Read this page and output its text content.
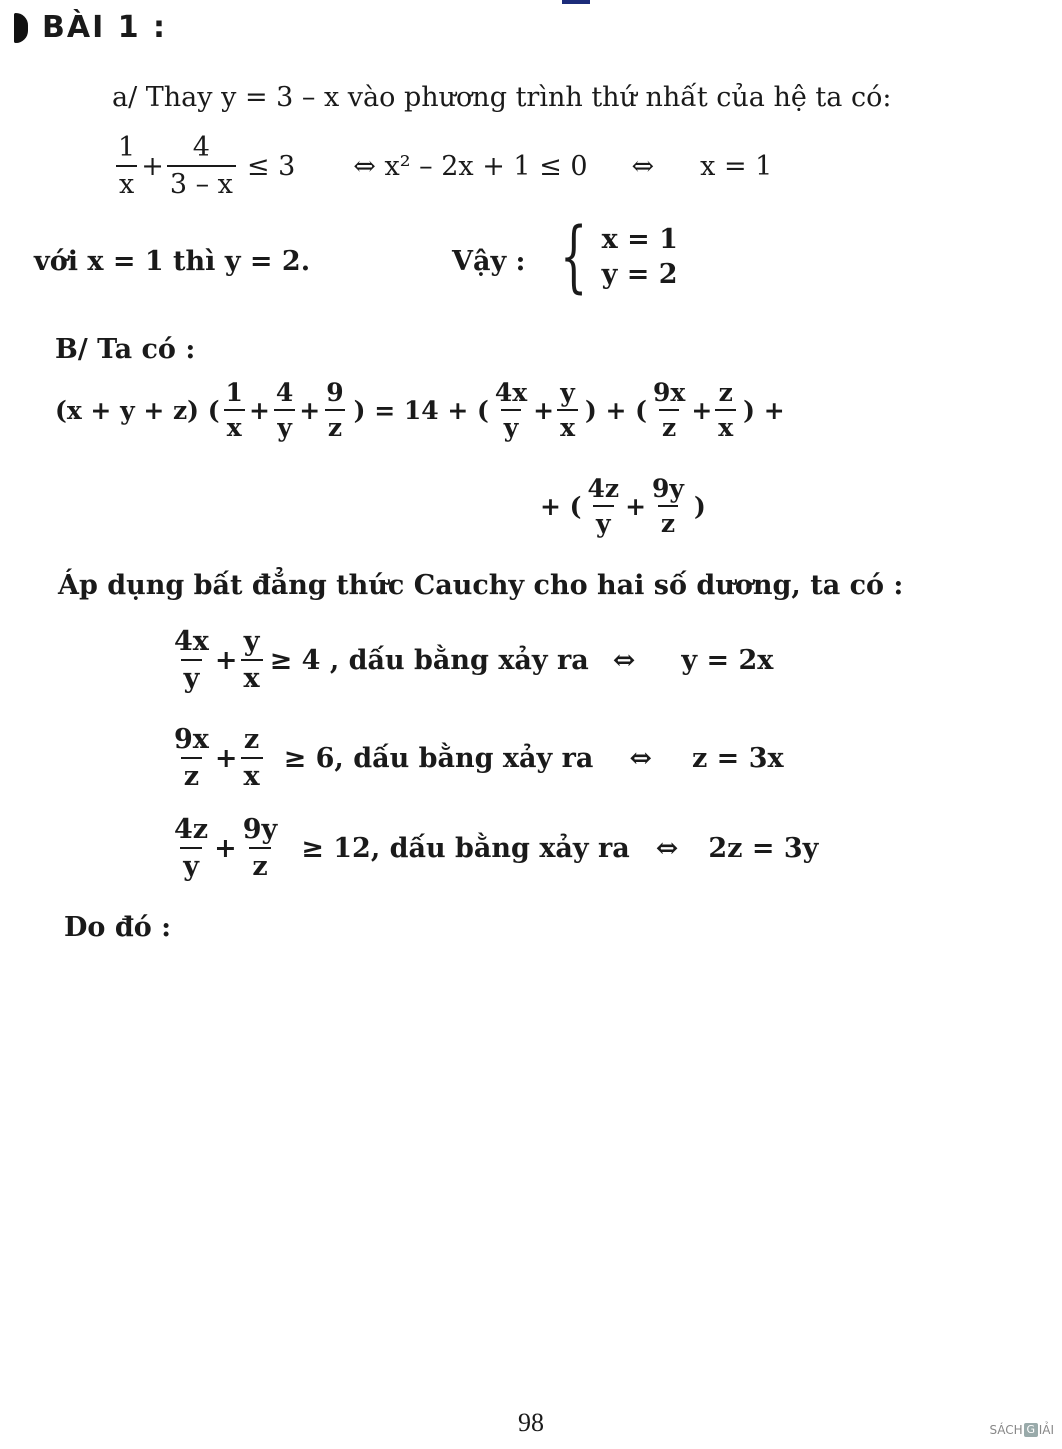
BÀI 1 :
a/ Thay y = 3 – x vào phương trình thứ nhất của hệ ta có:
$\frac{1}{x} + \frac{4}{3 - x} \le 3$ ⇔ x² – 2x + 1 ≤ 0 ⇔ x = 1
với x = 1 thì y = 2.	Vậy : { x = 1
y = 2
B/ Ta có :
(x + y + z) ( $\frac{1}{x} + \frac{4}{y} + \frac{9}{z}$ ) = 14 + ( $\frac{4x}{y} + \frac{y}{x}$ ) + ( $\frac{9x}{z} + \frac{z}{x}$ ) +
+ ( $\frac{4z}{y} + \frac{9y}{z}$ )
Áp dụng bất đẳng thức Cauchy cho hai số dương, ta có :
$\frac{4x}{y} + \frac{y}{x} \ge 4$ , dấu bằng xảy ra ⇔ y = 2x
$\frac{9x}{z} + \frac{z}{x} \ge 6$, dấu bằng xảy ra ⇔ z = 3x
$\frac{4z}{y} + \frac{9y}{z} \ge 12$, dấu bằng xảy ra ⇔ 2z = 3y
Do đó :
98	SÁCH G IẢI
